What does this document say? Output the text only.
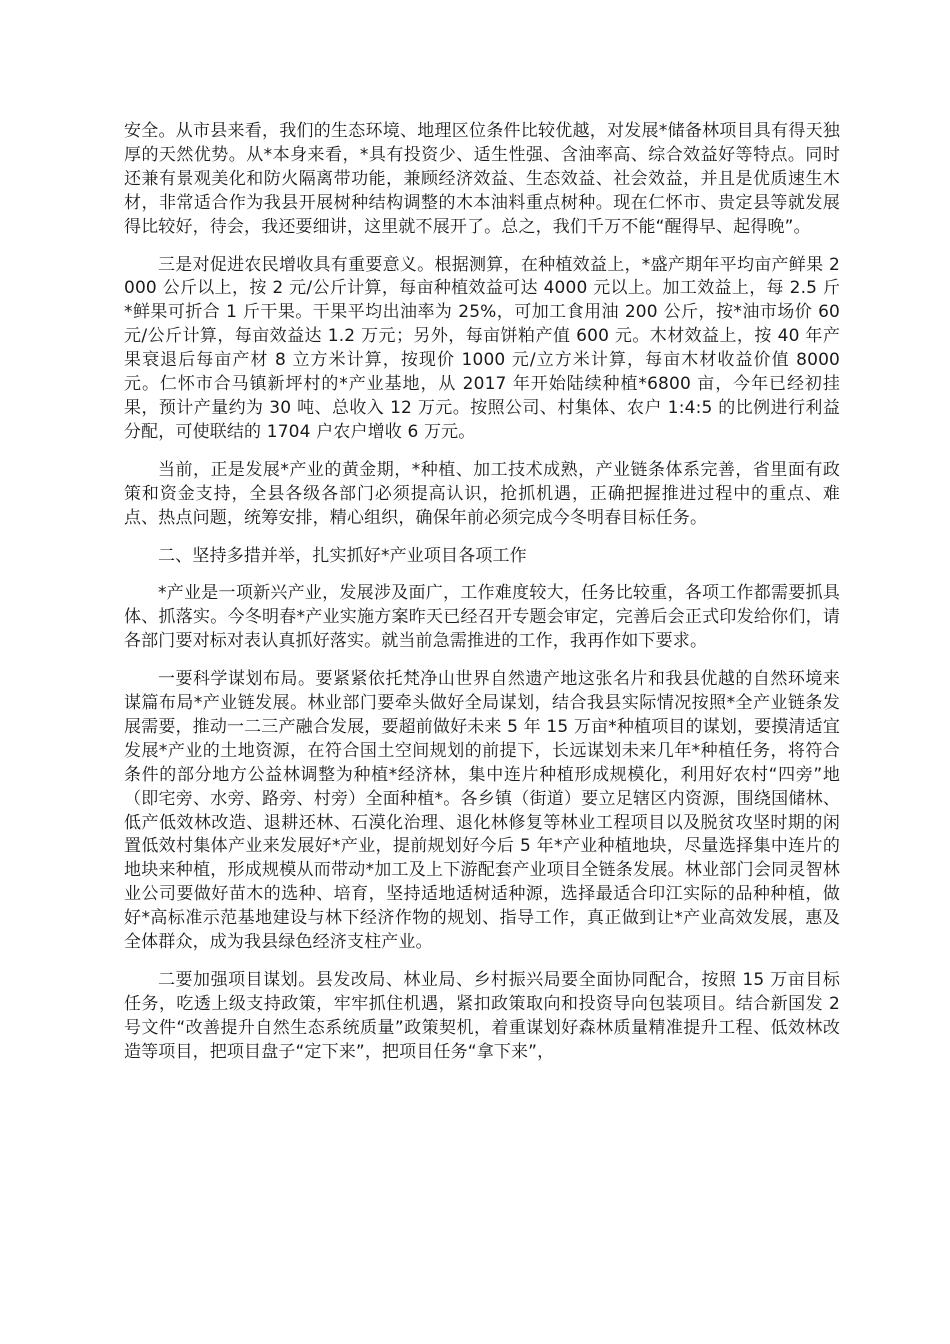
安全。从市县来看，我们的生态环境、地理区位条件比较优越，对发展*储备林项目具有得天独厚的天然优势。从*本身来看，*具有投资少、适生性强、含油率高、综合效益好等特点。同时还兼有景观美化和防火隔离带功能，兼顾经济效益、生态效益、社会效益，并且是优质速生木材，非常适合作为我县开展树种结构调整的木本油料重点树种。现在仁怀市、贵定县等就发展得比较好，待会，我还要细讲，这里就不展开了。总之，我们千万不能“醒得早、起得晚”。

三是对促进农民增收具有重要意义。根据测算，在种植效益上，*盛产期年平均亩产鲜果 2000 公斤以上，按 2 元/公斤计算，每亩种植效益可达 4000 元以上。加工效益上，每 2.5 斤*鲜果可折合 1 斤干果。干果平均出油率为 25%，可加工食用油 200 公斤，按*油市场价 60 元/公斤计算，每亩效益达 1.2 万元；另外，每亩饼粕产值 600 元。木材效益上，按 40 年产果衰退后每亩产材 8 立方米计算，按现价 1000 元/立方米计算，每亩木材收益价值 8000 元。仁怀市合马镇新坪村的*产业基地，从 2017 年开始陆续种植*6800 亩，今年已经初挂果，预计产量约为 30 吨、总收入 12 万元。按照公司、村集体、农户 1:4:5 的比例进行利益分配，可使联结的 1704 户农户增收 6 万元。

当前，正是发展*产业的黄金期，*种植、加工技术成熟，产业链条体系完善，省里面有政策和资金支持，全县各级各部门必须提高认识，抢抓机遇，正确把握推进过程中的重点、难点、热点问题，统筹安排，精心组织，确保年前必须完成今冬明春目标任务。

二、坚持多措并举，扎实抓好*产业项目各项工作

*产业是一项新兴产业，发展涉及面广，工作难度较大，任务比较重，各项工作都需要抓具体、抓落实。今冬明春*产业实施方案昨天已经召开专题会审定，完善后会正式印发给你们，请各部门要对标对表认真抓好落实。就当前急需推进的工作，我再作如下要求。

一要科学谋划布局。要紧紧依托梵净山世界自然遗产地这张名片和我县优越的自然环境来谋篇布局*产业链发展。林业部门要牵头做好全局谋划，结合我县实际情况按照*全产业链条发展需要，推动一二三产融合发展，要超前做好未来 5 年 15 万亩*种植项目的谋划，要摸清适宜发展*产业的土地资源，在符合国土空间规划的前提下，长远谋划未来几年*种植任务，将符合条件的部分地方公益林调整为种植*经济林，集中连片种植形成规模化，利用好农村“四旁”地（即宅旁、水旁、路旁、村旁）全面种植*。各乡镇（街道）要立足辖区内资源，围绕国储林、低产低效林改造、退耕还林、石漠化治理、退化林修复等林业工程项目以及脱贫攻坚时期的闲置低效村集体产业来发展好*产业，提前规划好今后 5 年*产业种植地块，尽量选择集中连片的地块来种植，形成规模从而带动*加工及上下游配套产业项目全链条发展。林业部门会同灵智林业公司要做好苗木的选种、培育，坚持适地适树适种源，选择最适合印江实际的品种种植，做好*高标准示范基地建设与林下经济作物的规划、指导工作，真正做到让*产业高效发展，惠及全体群众，成为我县绿色经济支柱产业。

二要加强项目谋划。县发改局、林业局、乡村振兴局要全面协同配合，按照 15 万亩目标任务，吃透上级支持政策，牢牢抓住机遇，紧扣政策取向和投资导向包装项目。结合新国发 2 号文件“改善提升自然生态系统质量”政策契机，着重谋划好森林质量精准提升工程、低效林改造等项目，把项目盘子“定下来”，把项目任务“拿下来”，
